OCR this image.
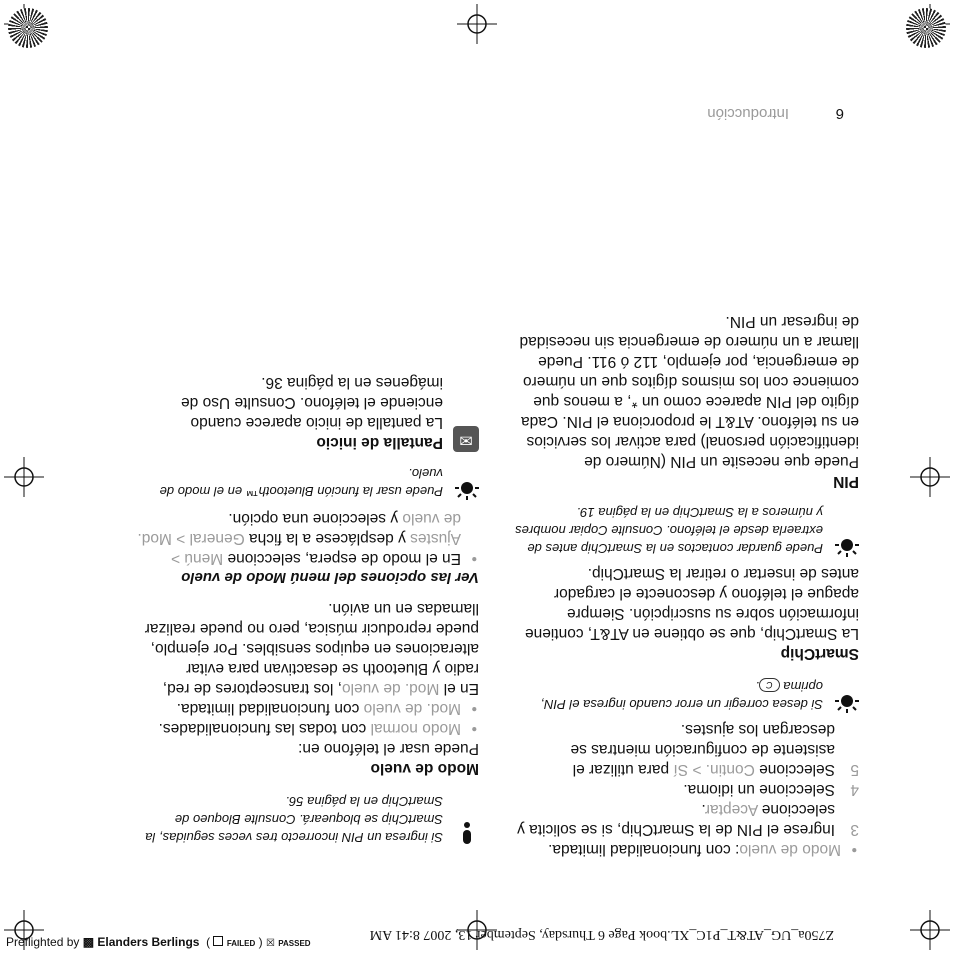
6
Introducción

• Modo de vuelo: con funcionalidad limitada.

3
Ingrese el PIN de la SmartChip, si se solicita y seleccione Aceptar.

4
Seleccione un idioma.

5
Seleccione Contin. > Sí para utilizar el asistente de configuración mientras se descargan los ajustes.

Si desea corregir un error cuando ingresa el PIN, oprima C.

SmartChip

La SmartChip, que se obtiene en AT&T, contiene información sobre su suscripción. Siempre apague el teléfono y desconecte el cargador antes de insertar o retirar la SmartChip.

Puede guardar contactos en la SmartChip antes de extraerla desde el teléfono. Consulte Copiar nombres y números a la SmartChip en la página 19.

PIN

Puede que necesite un PIN (Número de identificación personal) para activar los servicios en su teléfono. AT&T le proporciona el PIN. Cada dígito del PIN aparece como un *, a menos que comience con los mismos dígitos que un número de emergencia, por ejemplo, 112 ó 911. Puede llamar a un número de emergencia sin necesidad de ingresar un PIN.

Si ingresa un PIN incorrecto tres veces seguidas, la SmartChip se bloqueará. Consulte Bloqueo de SmartChip en la página 56.

Modo de vuelo

Puede usar el teléfono en:

• Modo normal con todas las funcionalidades.

• Mod. de vuelo con funcionalidad limitada.

En el Mod. de vuelo, los transceptores de red, radio y Bluetooth se desactivan para evitar alteraciones en equipos sensibles. Por ejemplo, puede reproducir música, pero no puede realizar llamadas en un avión.

Ver las opciones del menú Modo de vuelo

• En el modo de espera, seleccione Menú > Ajustes y desplácese a la ficha General > Mod. de vuelo y seleccione una opción.

Puede usar la función Bluetooth™ en el modo de vuelo.
✉

Pantalla de inicio

La pantalla de inicio aparece cuando enciende el teléfono. Consulte Uso de imágenes en la página 36.

Z750a_UG_AT&T_P1C_XL.book Page 6 Thursday, September 13, 2007 8:41 AM
Preflighted by ▩ Elanders Berlings  (  FAILED ) ☒ PASSED
